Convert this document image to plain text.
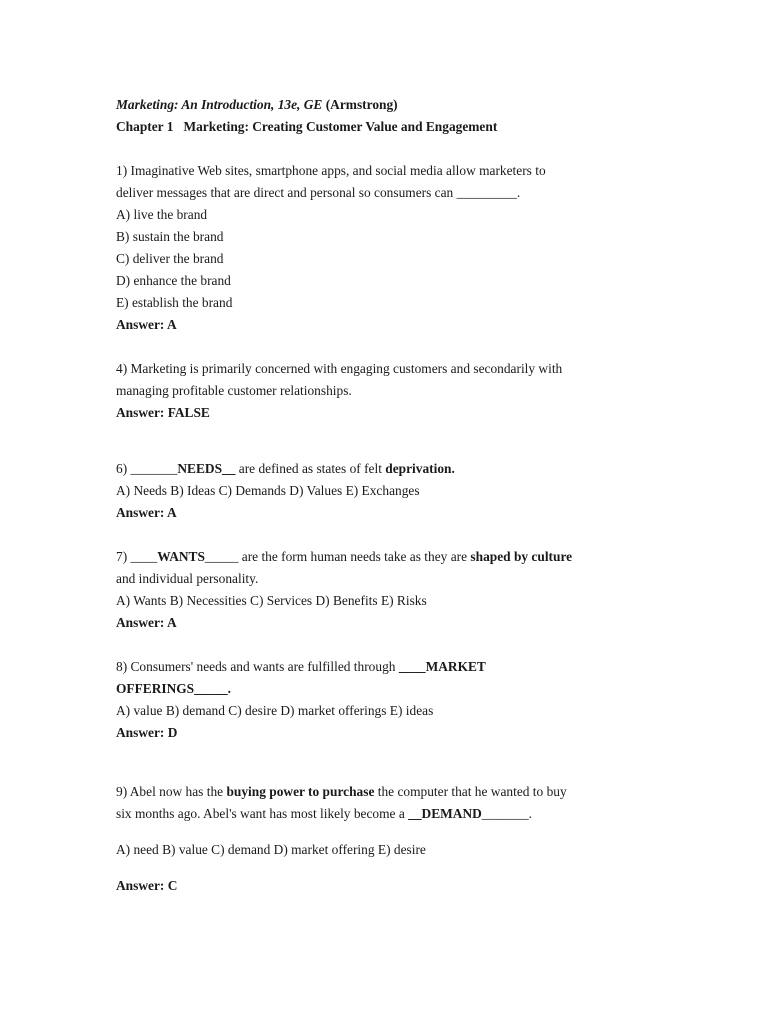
Marketing: An Introduction, 13e, GE (Armstrong)
Chapter 1 Marketing: Creating Customer Value and Engagement
1) Imaginative Web sites, smartphone apps, and social media allow marketers to
deliver messages that are direct and personal so consumers can _________.
A) live the brand
B) sustain the brand
C) deliver the brand
D) enhance the brand
E) establish the brand
Answer: A
4) Marketing is primarily concerned with engaging customers and secondarily with
managing profitable customer relationships.
Answer: FALSE
6) _______NEEDS__ are defined as states of felt deprivation.
A) Needs B) Ideas C) Demands D) Values E) Exchanges
Answer: A
7) ____WANTS_____ are the form human needs take as they are shaped by culture
and individual personality.
A) Wants B) Necessities C) Services D) Benefits E) Risks
Answer: A
8) Consumers' needs and wants are fulfilled through ____MARKET
OFFERINGS_____.
A) value B) demand C) desire D) market offerings E) ideas
Answer: D
9) Abel now has the buying power to purchase the computer that he wanted to buy
six months ago. Abel's want has most likely become a __DEMAND_______.
A) need B) value C) demand D) market offering E) desire
Answer: C
